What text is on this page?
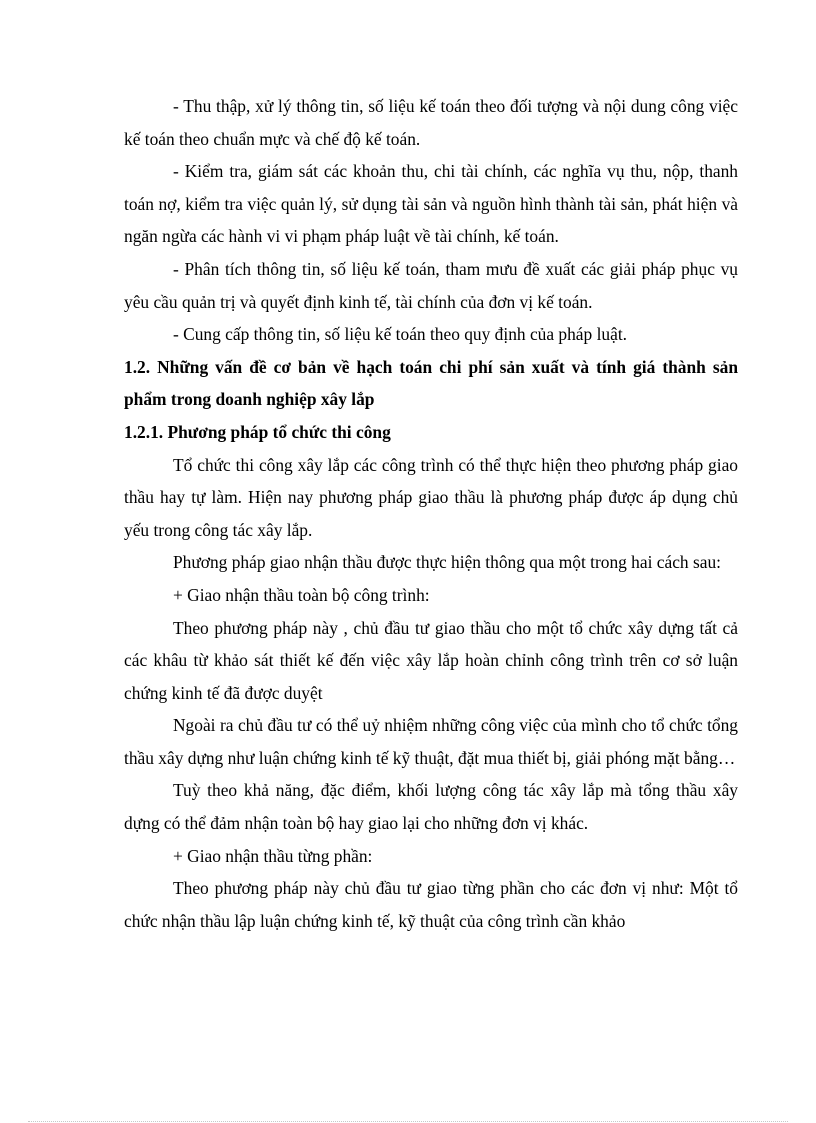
- Thu thập, xử lý thông tin, số liệu kế toán theo đối tượng và nội dung công việc kế toán theo chuẩn mực và chế độ kế toán.

- Kiểm tra, giám sát các khoản thu, chi tài chính, các nghĩa vụ thu, nộp, thanh toán nợ, kiểm tra việc quản lý, sử dụng tài sản và nguồn hình thành tài sản, phát hiện và ngăn ngừa các hành vi vi phạm pháp luật về tài chính, kế toán.

- Phân tích thông tin, số liệu kế toán, tham mưu đề xuất các giải pháp phục vụ yêu cầu quản trị và quyết định kinh tế, tài chính của đơn vị kế toán.

- Cung cấp thông tin, số liệu kế toán theo quy định của pháp luật.

1.2. Những vấn đề cơ bản về hạch toán chi phí sản xuất và tính giá thành sản phẩm trong doanh nghiệp xây lắp

1.2.1. Phương pháp tổ chức thi công

Tổ chức thi công xây lắp các công trình có thể thực hiện theo phương pháp giao thầu hay tự làm. Hiện nay phương pháp giao thầu là phương pháp được áp dụng chủ yếu trong công tác xây lắp.

Phương pháp giao nhận thầu được thực hiện thông qua một trong hai cách sau:

+ Giao nhận thầu toàn bộ công trình:

Theo phương pháp này , chủ đầu tư giao thầu cho một tổ chức xây dựng tất cả các khâu từ khảo sát thiết kế đến việc xây lắp hoàn chỉnh công trình trên cơ sở luận chứng kinh tế đã được duyệt

Ngoài ra chủ đầu tư có thể uỷ nhiệm những công việc của mình cho tổ chức tổng thầu xây dựng như luận chứng kinh tế kỹ thuật, đặt mua thiết bị, giải phóng mặt bằng…

Tuỳ theo khả năng, đặc điểm, khối lượng công tác xây lắp mà tổng thầu xây dựng có thể đảm nhận toàn bộ hay giao lại cho những đơn vị khác.

+ Giao nhận thầu từng phần:

Theo phương pháp này chủ đầu tư giao từng phần cho các đơn vị như: Một tổ chức nhận thầu lập luận chứng kinh tế, kỹ thuật của công trình cần khảo
